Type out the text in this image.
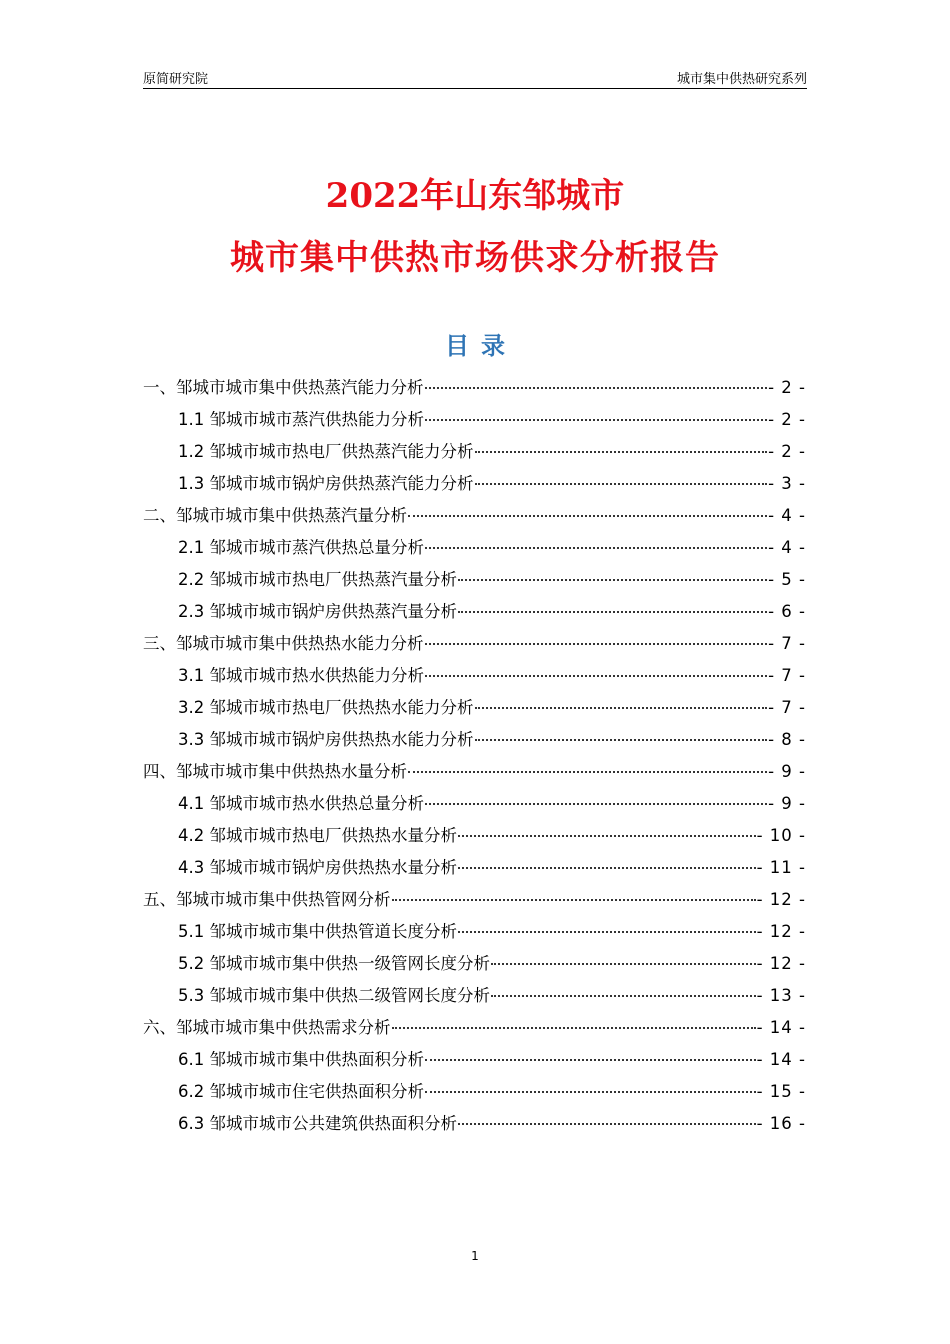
原简研究院	城市集中供热研究系列
2022年山东邹城市
城市集中供热市场供求分析报告
目录
一、邹城市城市集中供热蒸汽能力分析	- 2 -
1.1 邹城市城市蒸汽供热能力分析	- 2 -
1.2 邹城市城市热电厂供热蒸汽能力分析	- 2 -
1.3 邹城市城市锅炉房供热蒸汽能力分析	- 3 -
二、邹城市城市集中供热蒸汽量分析	- 4 -
2.1 邹城市城市蒸汽供热总量分析	- 4 -
2.2 邹城市城市热电厂供热蒸汽量分析	- 5 -
2.3 邹城市城市锅炉房供热蒸汽量分析	- 6 -
三、邹城市城市集中供热热水能力分析	- 7 -
3.1 邹城市城市热水供热能力分析	- 7 -
3.2 邹城市城市热电厂供热热水能力分析	- 7 -
3.3 邹城市城市锅炉房供热热水能力分析	- 8 -
四、邹城市城市集中供热热水量分析	- 9 -
4.1 邹城市城市热水供热总量分析	- 9 -
4.2 邹城市城市热电厂供热热水量分析	- 10 -
4.3 邹城市城市锅炉房供热热水量分析	- 11 -
五、邹城市城市集中供热管网分析	- 12 -
5.1 邹城市城市集中供热管道长度分析	- 12 -
5.2 邹城市城市集中供热一级管网长度分析	- 12 -
5.3 邹城市城市集中供热二级管网长度分析	- 13 -
六、邹城市城市集中供热需求分析	- 14 -
6.1 邹城市城市集中供热面积分析	- 14 -
6.2 邹城市城市住宅供热面积分析	- 15 -
6.3 邹城市城市公共建筑供热面积分析	- 16 -
1
